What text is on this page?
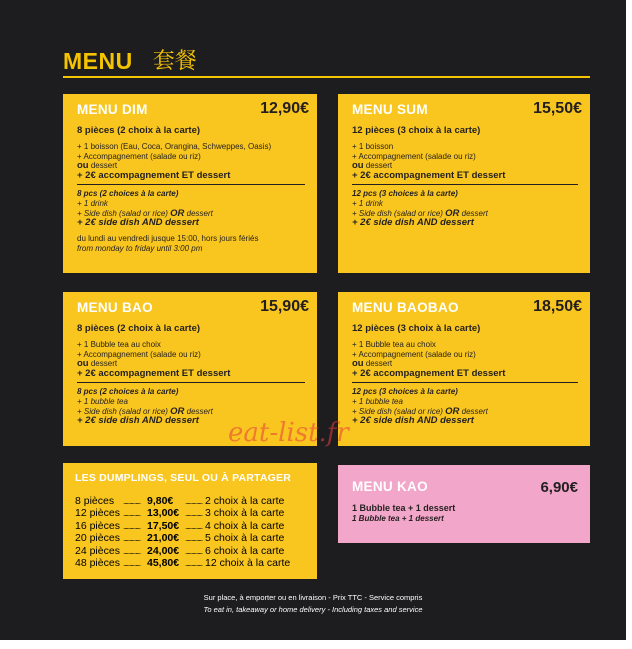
MENU 套餐
MENU DIM	12,90€
8 pièces (2 choix à la carte)
+ 1 boisson (Eau, Coca, Orangina, Schweppes, Oasis)
+ Accompagnement (salade ou riz)
ou dessert
+ 2€ accompagnement ET dessert
8 pcs (2 choices à la carte)
+ 1 drink
+ Side dish (salad or rice) OR dessert
+ 2€ side dish AND dessert
du lundi au vendredi jusque 15:00, hors jours fériés
from monday to friday until 3:00 pm
MENU SUM	15,50€
12 pièces (3 choix à la carte)
+ 1 boisson
+ Accompagnement (salade ou riz)
ou dessert
+ 2€ accompagnement ET dessert
12 pcs (3 choices à la carte)
+ 1 drink
+ Side dish (salad or rice) OR dessert
+ 2€ side dish AND dessert
MENU BAO	15,90€
8 pièces (2 choix à la carte)
+ 1 Bubble tea au choix
+ Accompagnement (salade ou riz)
ou dessert
+ 2€ accompagnement ET dessert
8 pcs (2 choices à la carte)
+ 1 bubble tea
+ Side dish (salad or rice) OR dessert
+ 2€ side dish AND dessert
MENU BAOBAO	18,50€
12 pièces (3 choix à la carte)
+ 1 Bubble tea au choix
+ Accompagnement (salade ou riz)
ou dessert
+ 2€ accompagnement ET dessert
12 pcs (3 choices à la carte)
+ 1 bubble tea
+ Side dish (salad or rice) OR dessert
+ 2€ side dish AND dessert
LES DUMPLINGS, SEUL OU À PARTAGER
8 pièces	.............. 9,80€	.............. 2 choix à la carte
12 pièces .............. 13,00€ .............. 3 choix à la carte
16 pièces .............. 17,50€ .............. 4 choix à la carte
20 pièces .............. 21,00€ .............. 5 choix à la carte
24 pièces .............. 24,00€ .............. 6 choix à la carte
48 pièces .............. 45,80€ .............. 12 choix à la carte
MENU KAO	6,90€
1 Bubble tea + 1 dessert
1 Bubble tea + 1 dessert
Sur place, à emporter ou en livraison - Prix TTC - Service compris
To eat in, takeaway or home delivery - Including taxes and service
eat-list.fr
